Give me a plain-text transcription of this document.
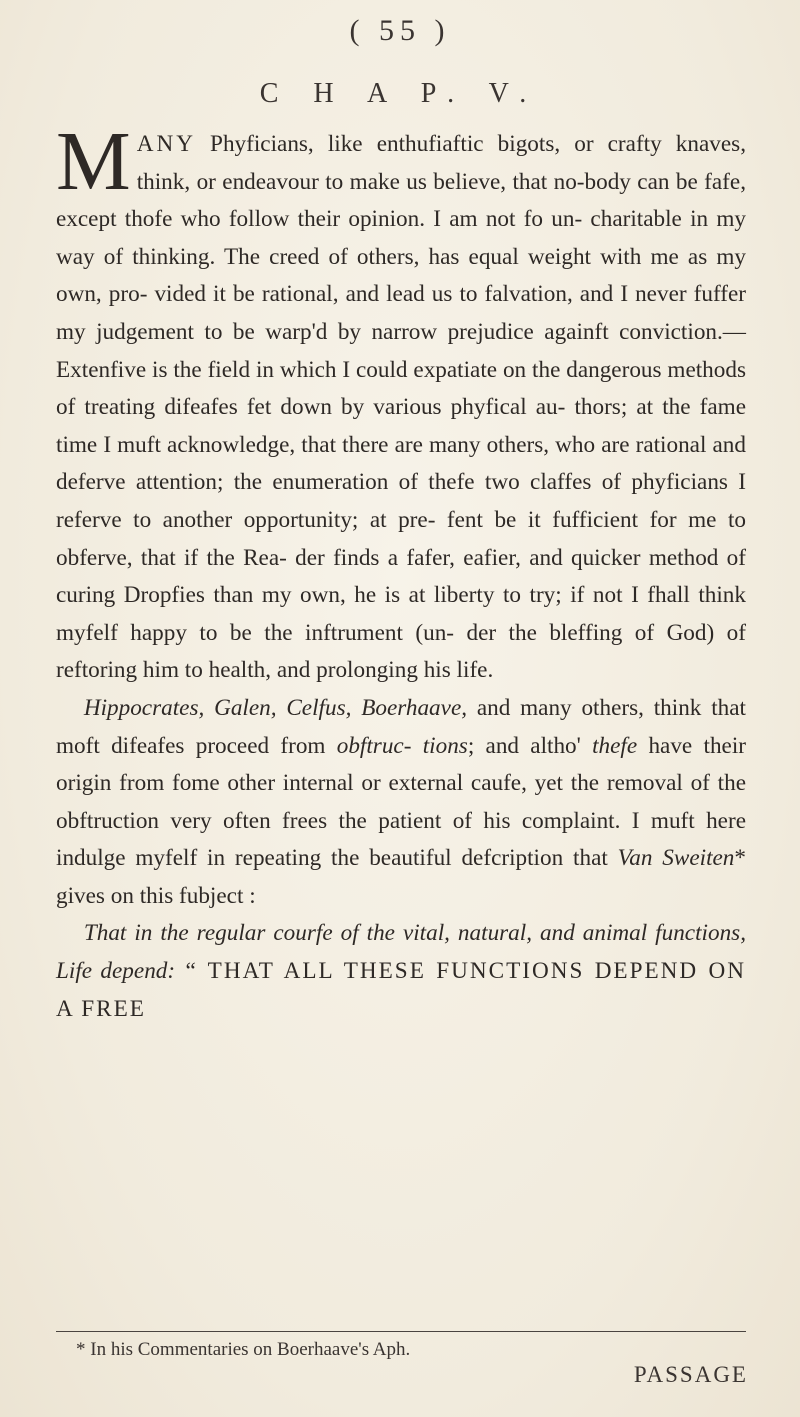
( 55 )
C H A P. V.

MANY Phyficians, like enthufiaftic bigots, or crafty knaves, think, or endeavour to make us believe, that no-body can be fafe, except thofe who follow their opinion. I am not fo un- charitable in my way of thinking. The creed of others, has equal weight with me as my own, pro- vided it be rational, and lead us to falvation, and I never fuffer my judgement to be warp'd by narrow prejudice againft conviction.—Extenfive is the field in which I could expatiate on the dangerous methods of treating difeafes fet down by various phyfical au- thors; at the fame time I muft acknowledge, that there are many others, who are rational and deferve attention; the enumeration of thefe two claffes of phyficians I referve to another opportunity; at pre- fent be it fufficient for me to obferve, that if the Rea- der finds a fafer, eafier, and quicker method of curing Dropfies than my own, he is at liberty to try; if not I fhall think myfelf happy to be the inftrument (un- der the bleffing of God) of reftoring him to health, and prolonging his life.

Hippocrates, Galen, Celfus, Boerhaave, and many others, think that moft difeafes proceed from obftruc- tions; and altho' thefe have their origin from fome other internal or external caufe, yet the removal of the obftruction very often frees the patient of his complaint. I muft here indulge myfelf in repeating the beautiful defcription that Van Sweiten* gives on this fubject :

That in the regular courfe of the vital, natural, and animal functions, Life depend: “ THAT ALL THESE FUNCTIONS DEPEND ON A FREE

* In his Commentaries on Boerhaave's Aph.
PASSAGE
